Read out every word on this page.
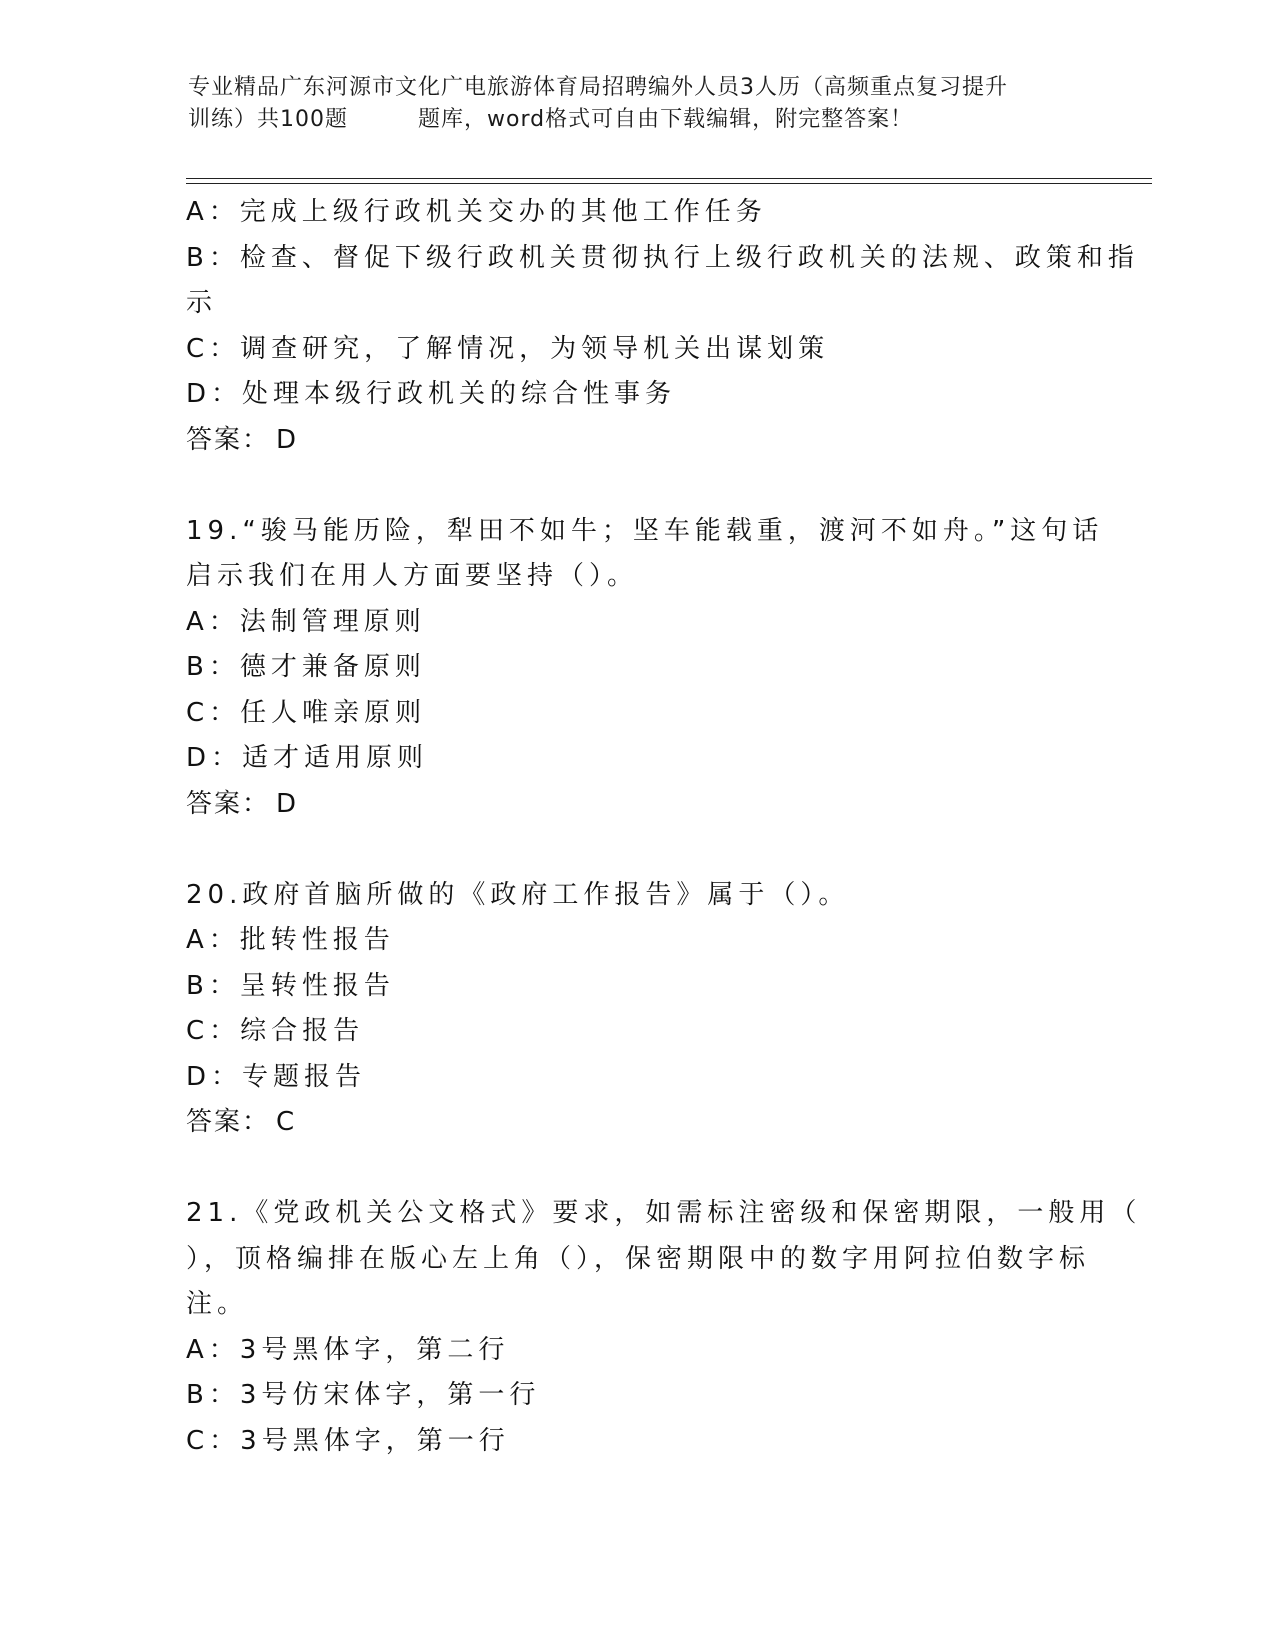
专业精品广东河源市文化广电旅游体育局招聘编外人员3人历（高频重点复习提升
训练）共100题	题库，word格式可自由下载编辑，附完整答案！
A：完成上级行政机关交办的其他工作任务
B：检查、督促下级行政机关贯彻执行上级行政机关的法规、政策和指
示
C：调查研究，了解情况，为领导机关出谋划策
D：处理本级行政机关的综合性事务
答案： D
19.“骏马能历险，犁田不如牛；坚车能载重，渡河不如舟。”这句话
启示我们在用人方面要坚持（）。
A：法制管理原则
B：德才兼备原则
C：任人唯亲原则
D：适才适用原则
答案： D
20.政府首脑所做的《政府工作报告》属于（）。
A：批转性报告
B：呈转性报告
C：综合报告
D：专题报告
答案： C
21.《党政机关公文格式》要求，如需标注密级和保密期限，一般用（
），顶格编排在版心左上角（），保密期限中的数字用阿拉伯数字标
注。
A：3号黑体字，第二行
B：3号仿宋体字，第一行
C：3号黑体字，第一行
